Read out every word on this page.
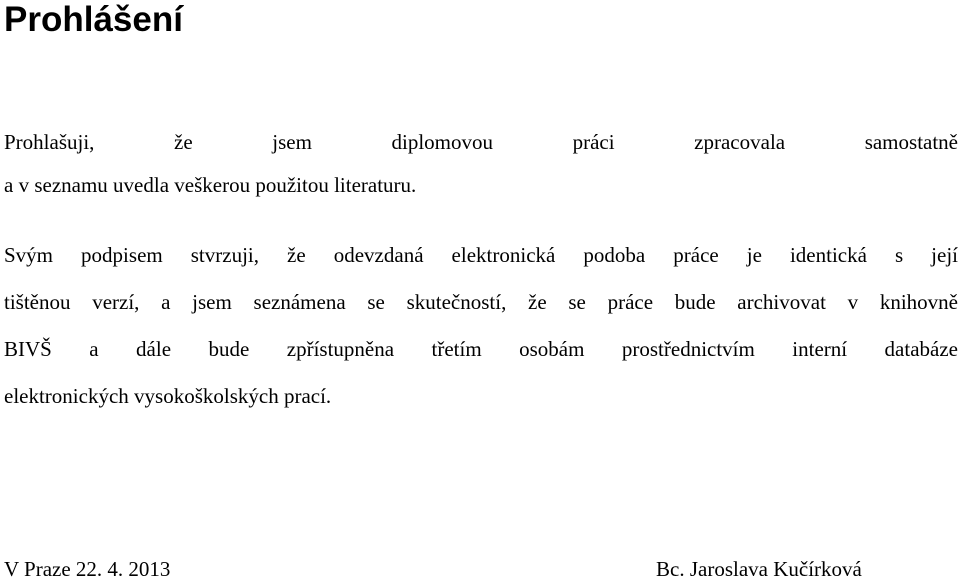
Prohlášení

Prohlašuji, že jsem diplomovou práci zpracovala samostatně
a v seznamu uvedla veškerou použitou literaturu.

Svým podpisem stvrzuji, že odevzdaná elektronická podoba práce je identická s její
tištěnou verzí, a jsem seznámena se skutečností, že se práce bude archivovat v knihovně
BIVŠ a dále bude zpřístupněna třetím osobám prostřednictvím interní databáze
elektronických vysokoškolských prací.

V Praze 22. 4. 2013	Bc. Jaroslava Kučírková
